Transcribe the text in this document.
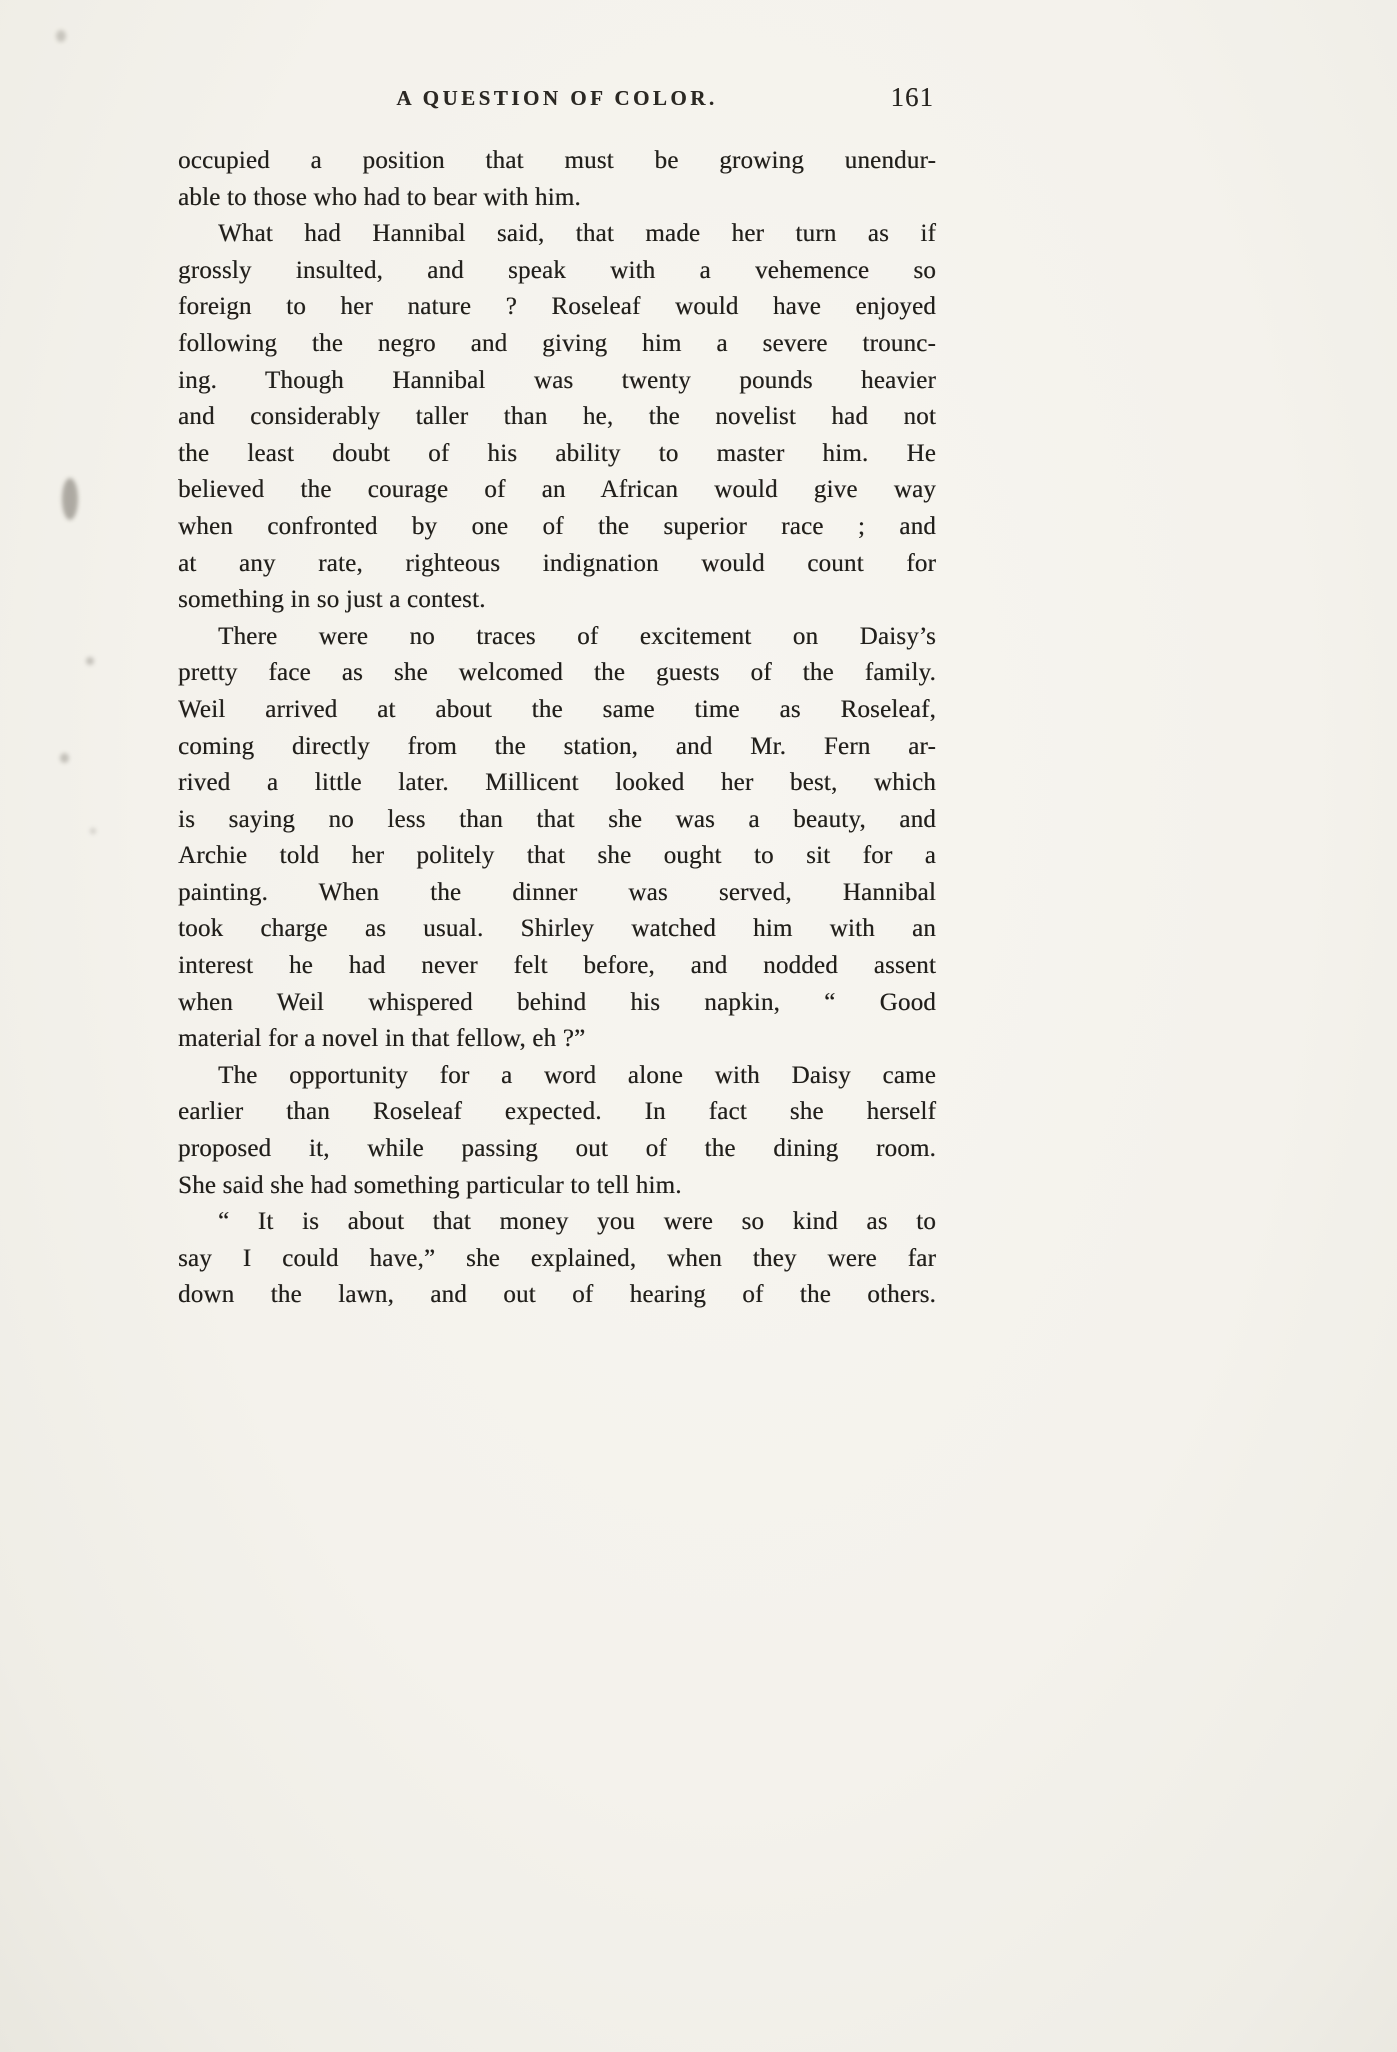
A QUESTION OF COLOR.	161
occupied a position that must be growing unendur-
able to those who had to bear with him.
What had Hannibal said, that made her turn as if
grossly insulted, and speak with a vehemence so
foreign to her nature ? Roseleaf would have enjoyed
following the negro and giving him a severe trounc-
ing. Though Hannibal was twenty pounds heavier
and considerably taller than he, the novelist had not
the least doubt of his ability to master him. He
believed the courage of an African would give way
when confronted by one of the superior race ; and
at any rate, righteous indignation would count for
something in so just a contest.
There were no traces of excitement on Daisy’s
pretty face as she welcomed the guests of the family.
Weil arrived at about the same time as Roseleaf,
coming directly from the station, and Mr. Fern ar-
rived a little later. Millicent looked her best, which
is saying no less than that she was a beauty, and
Archie told her politely that she ought to sit for a
painting. When the dinner was served, Hannibal
took charge as usual. Shirley watched him with an
interest he had never felt before, and nodded assent
when Weil whispered behind his napkin, “ Good
material for a novel in that fellow, eh ?”
The opportunity for a word alone with Daisy came
earlier than Roseleaf expected. In fact she herself
proposed it, while passing out of the dining room.
She said she had something particular to tell him.
“ It is about that money you were so kind as to
say I could have,” she explained, when they were far
down the lawn, and out of hearing of the others.
